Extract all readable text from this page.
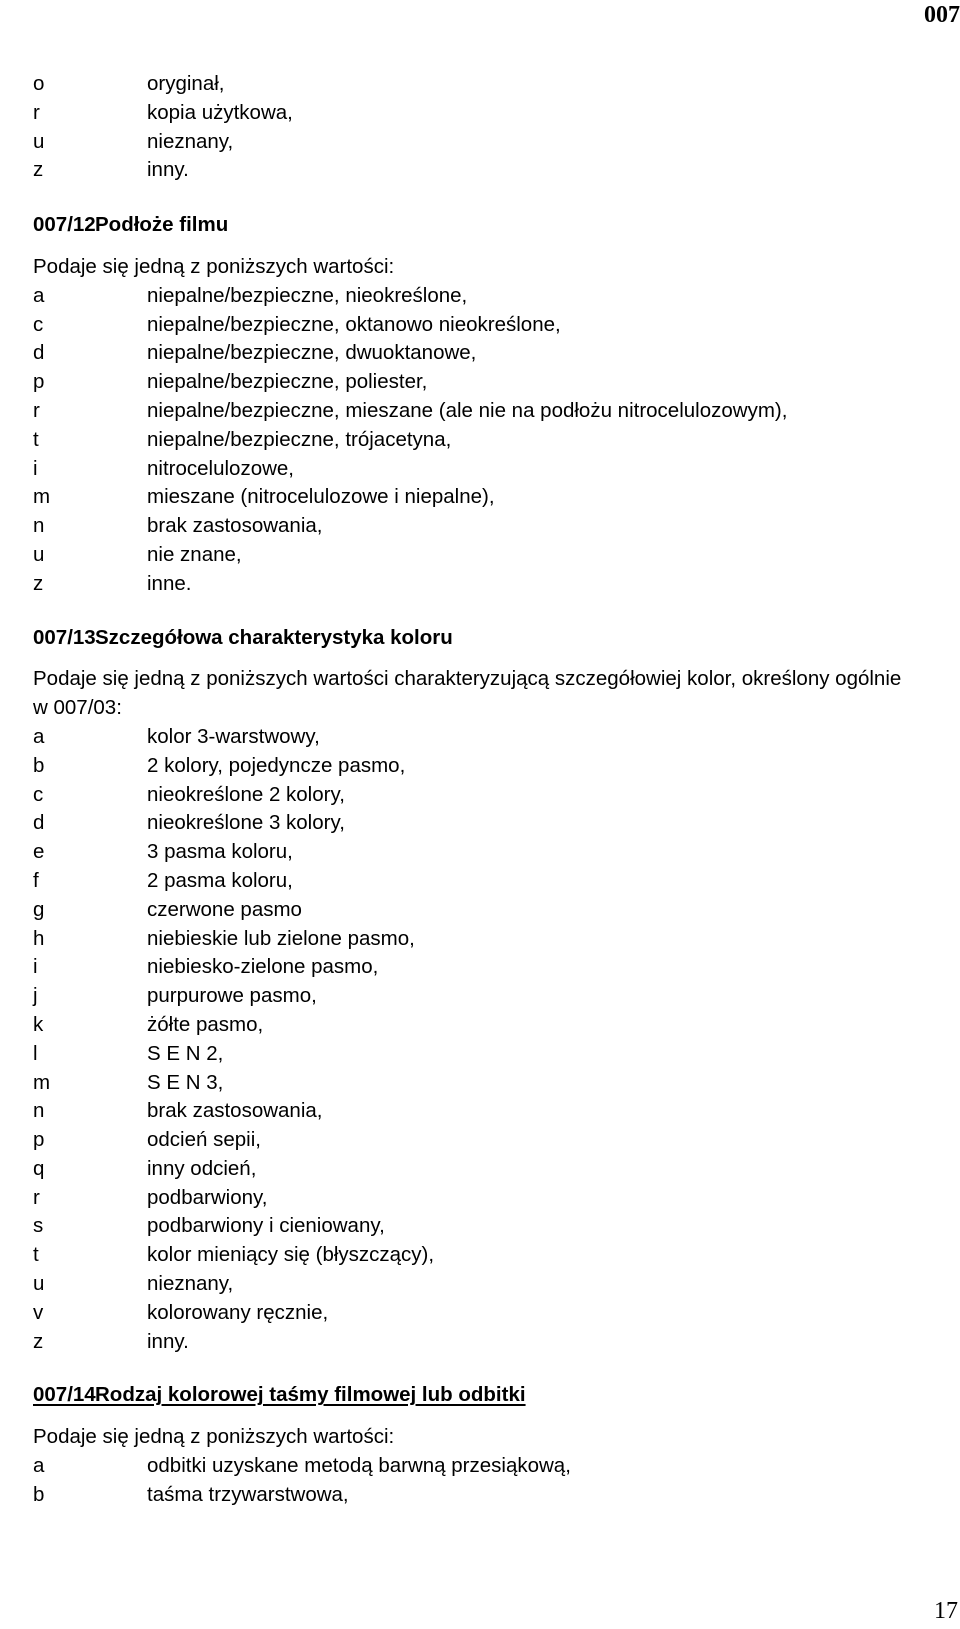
007
o	oryginał,
r	kopia użytkowa,
u	nieznany,
z	inny.
007/12 Podłoże filmu
Podaje się jedną z poniższych wartości:
a	niepalne/bezpieczne, nieokreślone,
c	niepalne/bezpieczne, oktanowo nieokreślone,
d	niepalne/bezpieczne, dwuoktanowe,
p	niepalne/bezpieczne, poliester,
r	niepalne/bezpieczne, mieszane (ale nie na podłożu nitrocelulozowym),
t	niepalne/bezpieczne, trójacetyna,
i	nitrocelulozowe,
m	mieszane (nitrocelulozowe i niepalne),
n	brak zastosowania,
u	nie znane,
z	inne.
007/13 Szczegółowa charakterystyka koloru
Podaje się jedną z poniższych wartości charakteryzującą szczegółowiej kolor, określony ogólnie w 007/03:
a	kolor 3-warstwowy,
b	2 kolory, pojedyncze pasmo,
c	nieokreślone 2 kolory,
d	nieokreślone 3 kolory,
e	3 pasma koloru,
f	2 pasma koloru,
g	czerwone pasmo
h	niebieskie lub zielone pasmo,
i	niebiesko-zielone pasmo,
j	purpurowe pasmo,
k	żółte pasmo,
l	S E N 2,
m	S E N 3,
n	brak zastosowania,
p	odcień sepii,
q	inny odcień,
r	podbarwiony,
s	podbarwiony i cieniowany,
t	kolor mieniący się (błyszczący),
u	nieznany,
v	kolorowany ręcznie,
z	inny.
007/14 Rodzaj kolorowej taśmy filmowej lub odbitki
Podaje się jedną z poniższych wartości:
a	odbitki uzyskane metodą barwną przesiąkową,
b	taśma trzywarstwowa,
17
